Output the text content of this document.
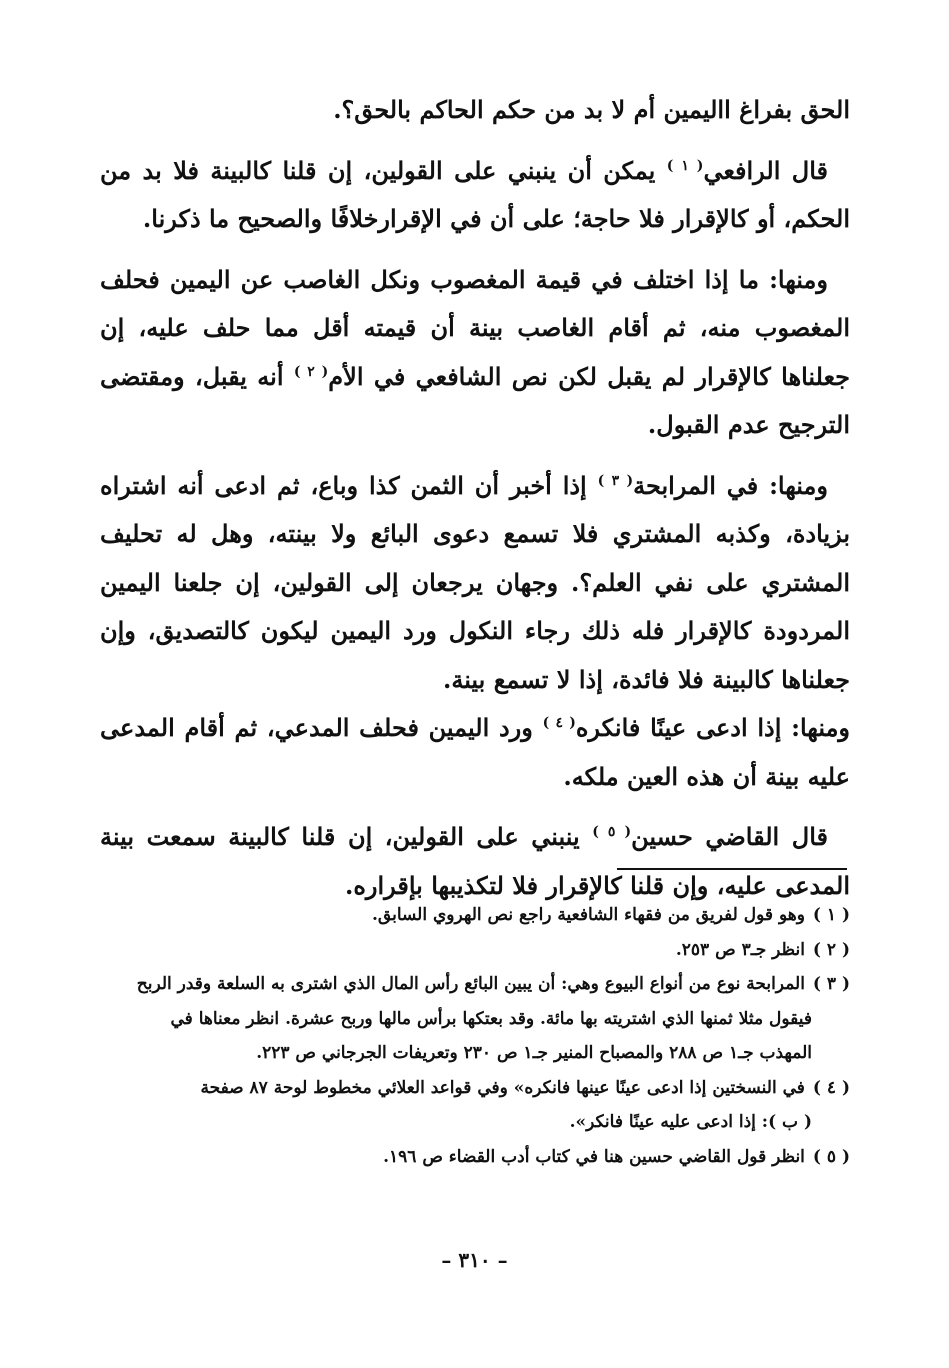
الحق بفراغ االيمين أم لا بد من حكم الحاكم بالحق؟.

قال الرافعي$^{( ١ )}$ يمكن أن ينبني على القولين، إن قلنا كالبينة فلا بد من الحكم، أو كالإقرار فلا حاجة؛ على أن في الإقرارخلافًا والصحيح ما ذكرنا.

ومنها: ما إذا اختلف في قيمة المغصوب ونكل الغاصب عن اليمين فحلف المغصوب منه، ثم أقام الغاصب بينة أن قيمته أقل مما حلف عليه، إن جعلناها كالإقرار لم يقبل لكن نص الشافعي في الأم$^{( ٢ )}$ أنه يقبل، ومقتضى الترجيح عدم القبول.

ومنها: في المرابحة$^{( ٣ )}$ إذا أخبر أن الثمن كذا وباع، ثم ادعى أنه اشتراه بزيادة، وكذبه المشتري فلا تسمع دعوى البائع ولا بينته، وهل له تحليف المشتري على نفي العلم؟. وجهان يرجعان إلى القولين، إن جلعنا اليمين المردودة كالإقرار فله ذلك رجاء النكول ورد اليمين ليكون كالتصديق، وإن جعلناها كالبينة فلا فائدة، إذا لا تسمع بينة.

ومنها: إذا ادعى عينًا فانكره$^{( ٤ )}$ ورد اليمين فحلف المدعي، ثم أقام المدعى عليه بينة أن هذه العين ملكه.

قال القاضي حسين$^{( ٥ )}$ ينبني على القولين، إن قلنا كالبينة سمعت بينة المدعى عليه، وإن قلنا كالإقرار فلا لتكذيبها بإقراره.

( ١ )وهو قول لفريق من فقهاء الشافعية راجع نص الهروي السابق.
( ٢ )انظر جـ٣ ص ٢٥٣.
( ٣ )المرابحة نوع من أنواع البيوع وهي: أن يبين البائع رأس المال الذي اشترى به السلعة وقدر الربح
فيقول مثلا ثمنها الذي اشتريته بها مائة. وقد بعتكها برأس مالها وربح عشرة. انظر معناها في
المهذب جـ١ ص ٢٨٨ والمصباح المنير جـ١ ص ٢٣٠ وتعريفات الجرجاني ص ٢٢٣.
( ٤ )في النسختين إذا ادعى عينًا عينها فانكره» وفي قواعد العلائي مخطوط لوحة ٨٧ صفحة
( ب ): إذا ادعى عليه عينًا فانكر».
( ٥ )انظر قول القاضي حسين هنا في كتاب أدب القضاء ص ١٩٦.
– ٣١٠ –
